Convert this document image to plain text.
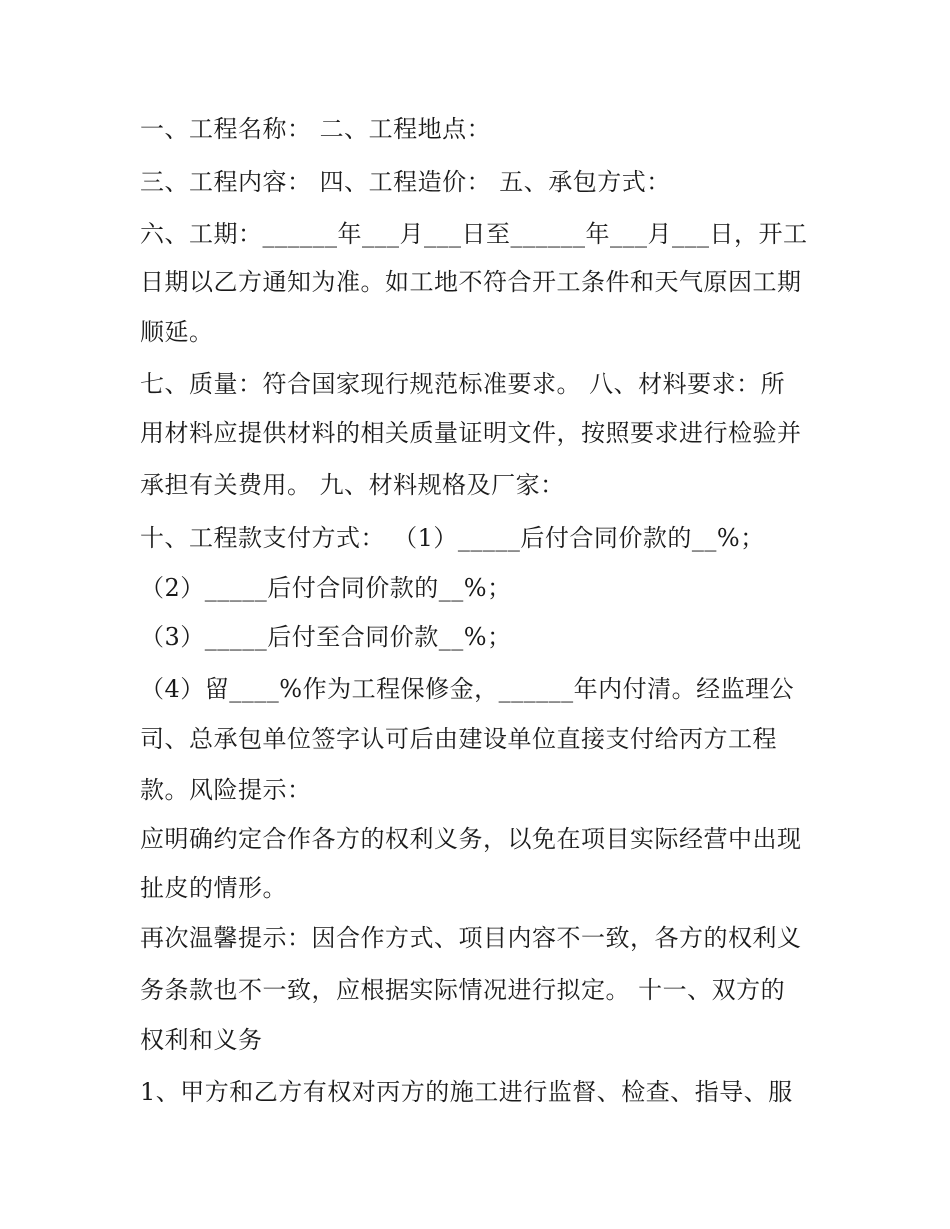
一、工程名称： 二、工程地点：
三、工程内容： 四、工程造价： 五、承包方式：
六、工期：______年___月___日至______年___月___日，开工
日期以乙方通知为准。如工地不符合开工条件和天气原因工期
顺延。
七、质量：符合国家现行规范标准要求。 八、材料要求：所
用材料应提供材料的相关质量证明文件，按照要求进行检验并
承担有关费用。 九、材料规格及厂家：
十、工程款支付方式： （1）_____后付合同价款的__%；
（2）_____后付合同价款的__%；
（3）_____后付至合同价款__%；
（4）留____%作为工程保修金，______年内付清。经监理公
司、总承包单位签字认可后由建设单位直接支付给丙方工程
款。风险提示：
应明确约定合作各方的权利义务，以免在项目实际经营中出现
扯皮的情形。
再次温馨提示：因合作方式、项目内容不一致，各方的权利义
务条款也不一致，应根据实际情况进行拟定。 十一、双方的
权利和义务
1、甲方和乙方有权对丙方的施工进行监督、检查、指导、服
